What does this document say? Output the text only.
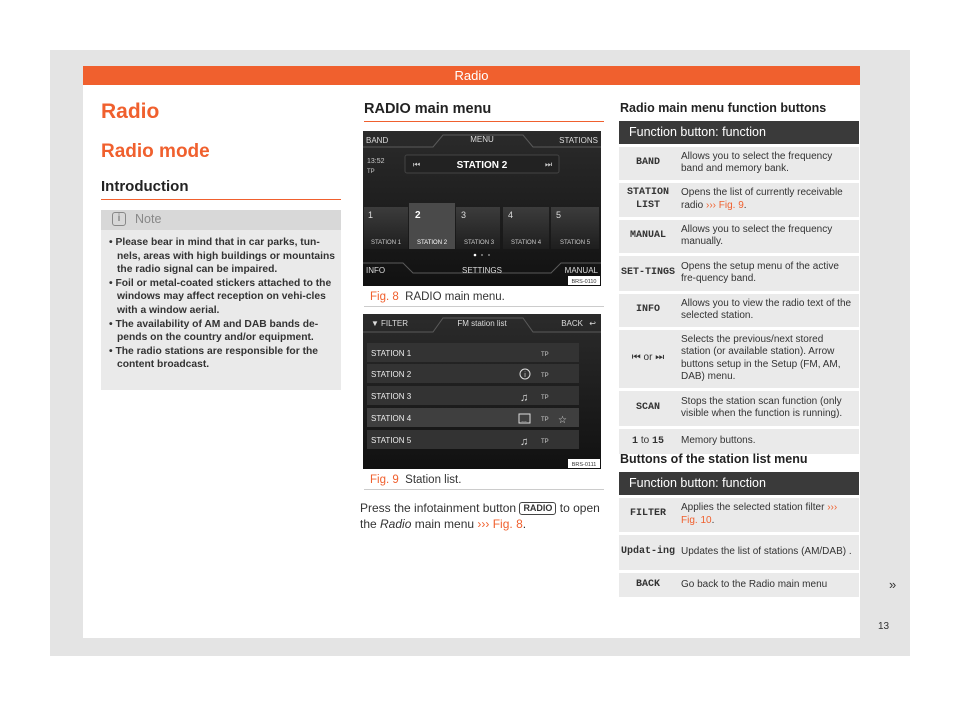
Radio
Radio
Radio mode
Introduction
i	Note
• Please bear in mind that in car parks, tun-nels, areas with high buildings or mountains the radio signal can be impaired.
• Foil or metal-coated stickers attached to the windows may affect reception on vehi-cles with a window aerial.
• The availability of AM and DAB bands de-pends on the country and/or equipment.
• The radio stations are responsible for the content broadcast.
RADIO main menu
BAND	MENU	STATIONS
13:52
TP
⏮	⏭
STATION 2
1	2	3	4	5
STATION 1	STATION 2	STATION 3	STATION 4	STATION 5
INFO	SETTINGS	MANUAL
BRS-0110
Fig. 8 RADIO main menu.
▼ FILTER	FM station list	BACK ↩
STATION 1
STATION 2
STATION 3
STATION 4
STATION 5
TP
TP
TP
TP
TP
i
♫
…	☆
♫
BRS-0111
Fig. 9 Station list.
Press the infotainment button RADIO to open the Radio main menu ››› Fig. 8.
Radio main menu function buttons
Function button: function	
BAND	Allows you to select the frequency band and memory bank.
STATION LIST	Opens the list of currently receivable radio ››› Fig. 9.
MANUAL	Allows you to select the frequency manually.
SET-TINGS	Opens the setup menu of the active fre-quency band.
INFO	Allows you to view the radio text of the selected station.
⏮ or ⏭	Selects the previous/next stored station (or available station). Arrow buttons setup in the Setup (FM, AM, DAB) menu.
SCAN	Stops the station scan function (only visible when the function is running).
1 to 15	Memory buttons.
Buttons of the station list menu
Function button: function	
FILTER	Applies the selected station filter ››› Fig. 10.
Updat-ing	Updates the list of stations (AM/DAB) .
BACK	Go back to the Radio main menu	»
13
